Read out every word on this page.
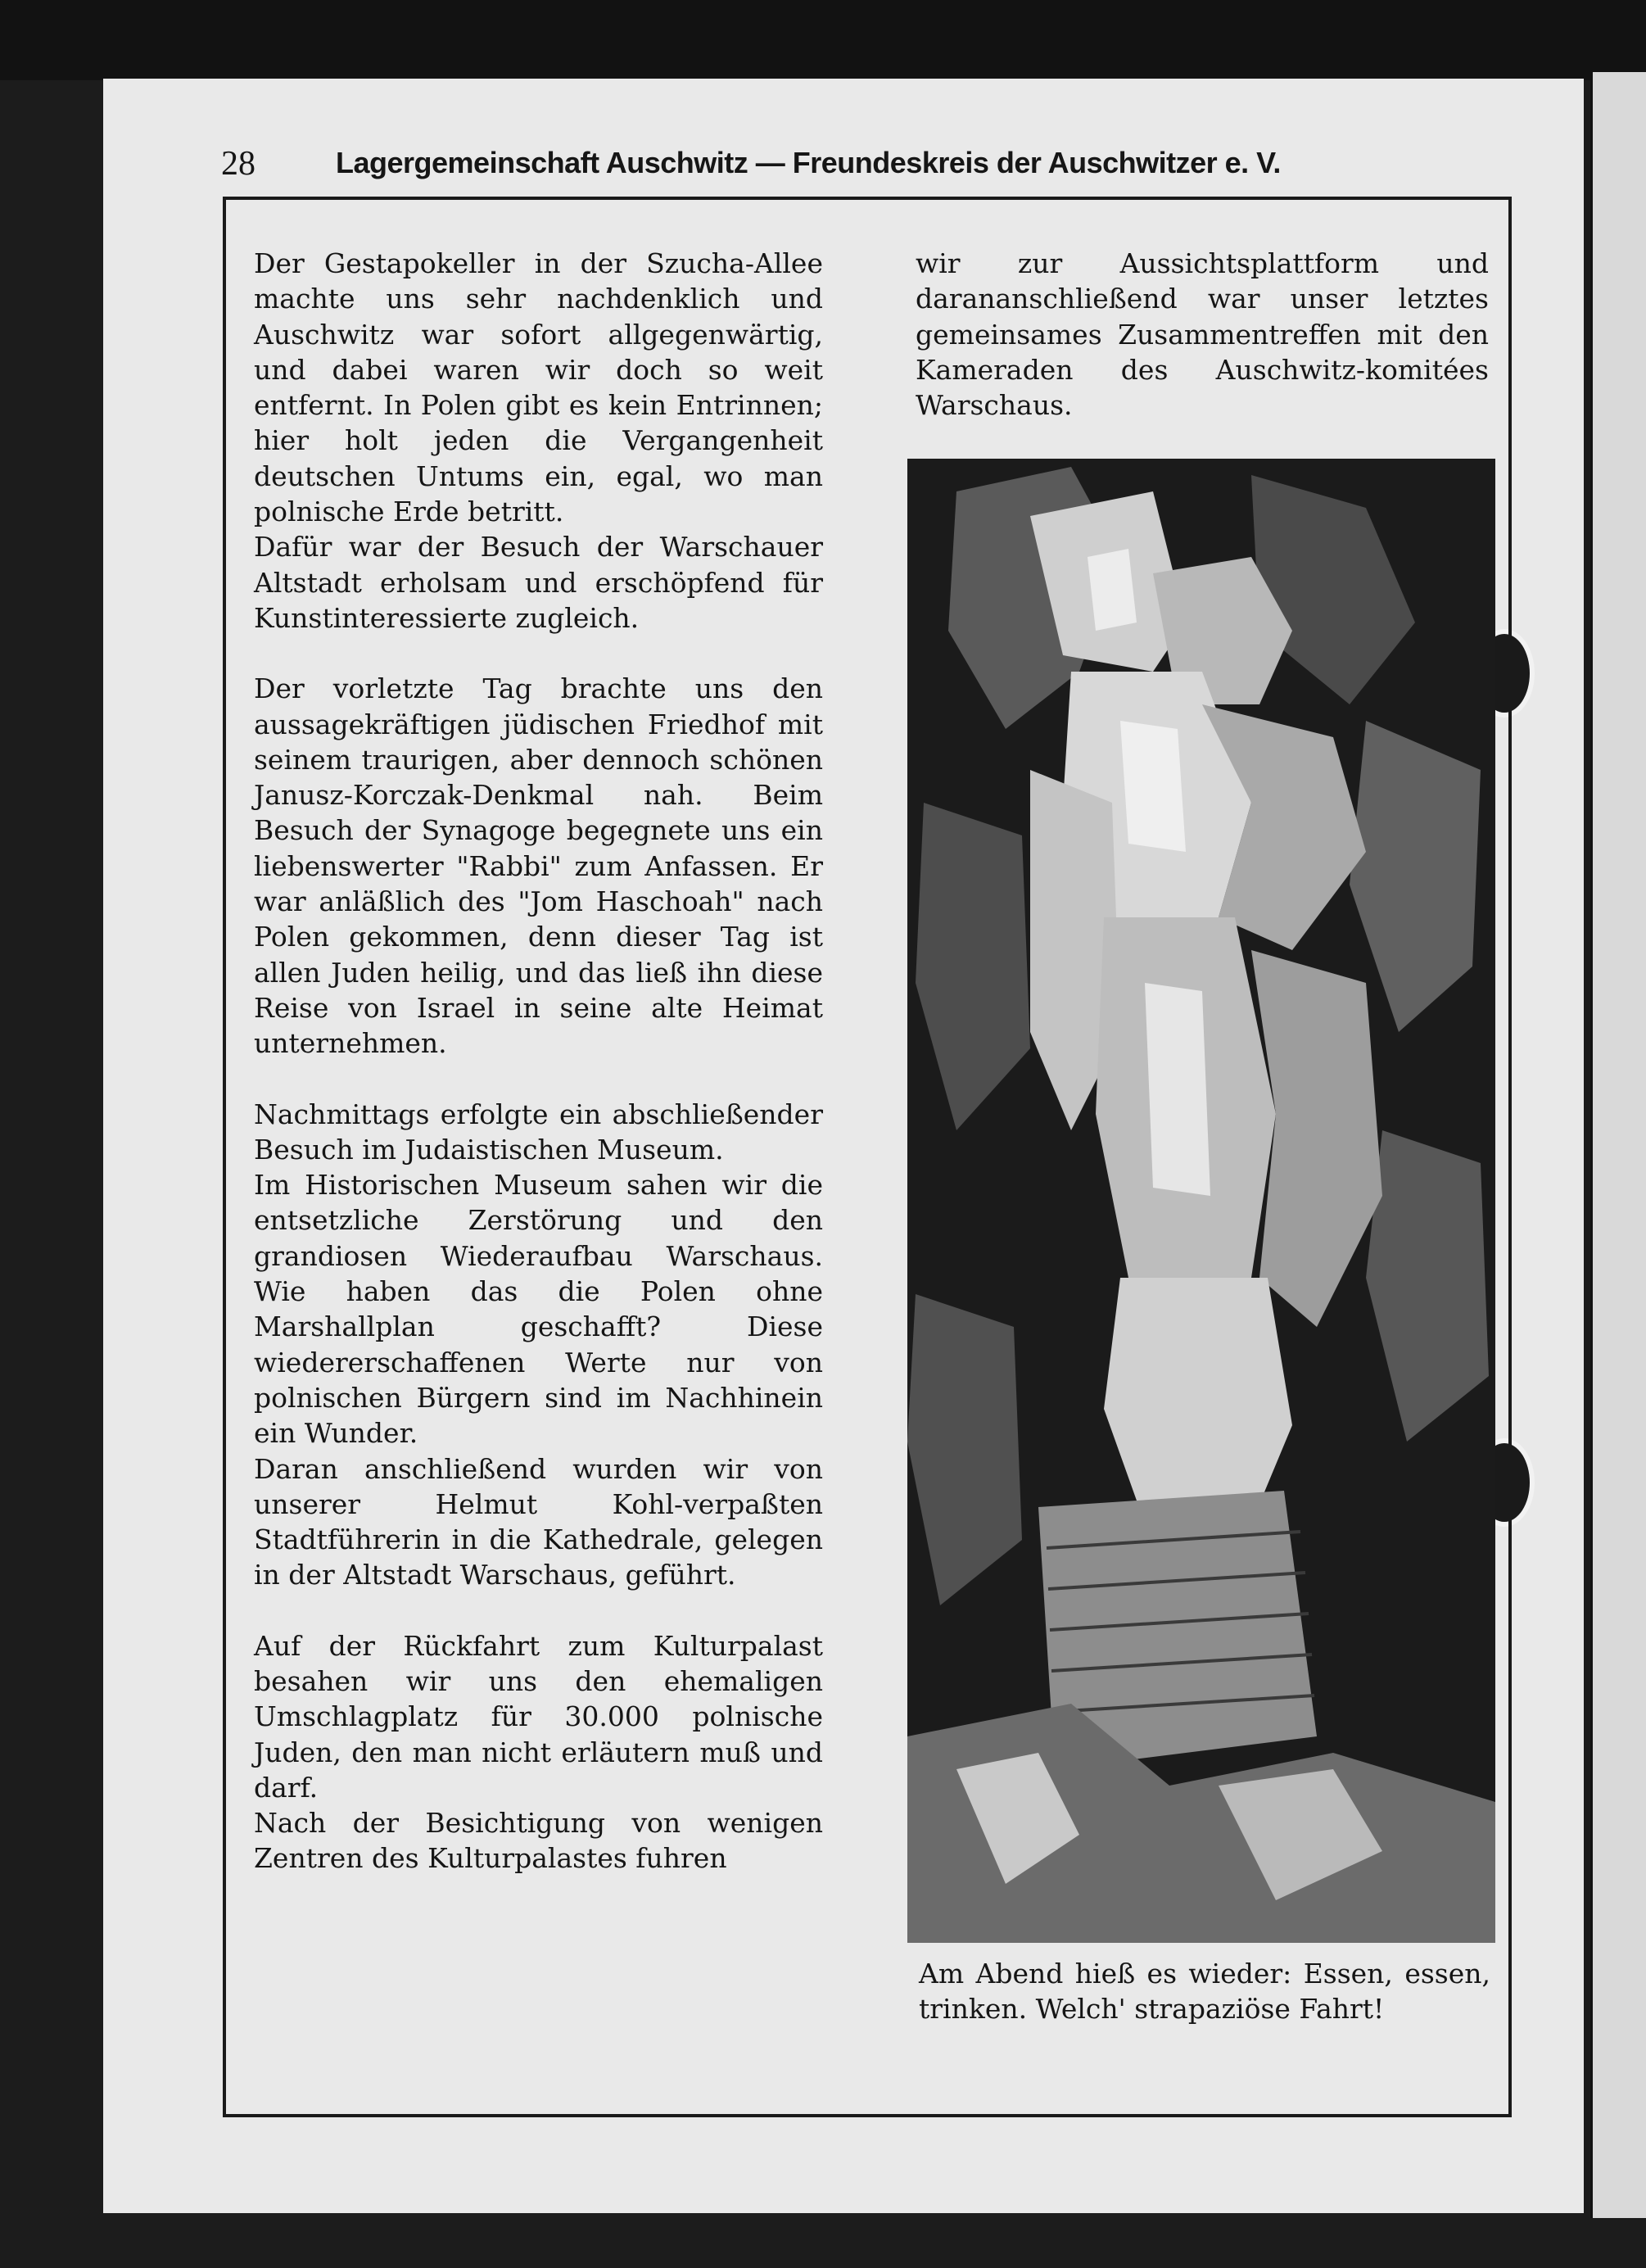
28	Lagergemeinschaft Auschwitz — Freundeskreis der Auschwitzer e. V.

Der Gestapokeller in der Szucha-Allee machte uns sehr nachdenklich und Auschwitz war sofort allgegenwärtig, und dabei waren wir doch so weit entfernt. In Polen gibt es kein Entrinnen; hier holt jeden die Vergangenheit deutschen Untums ein, egal, wo man polnische Erde betritt.

Dafür war der Besuch der Warschauer Altstadt erholsam und erschöpfend für Kunstinteressierte zugleich.

Der vorletzte Tag brachte uns den aussagekräftigen jüdischen Friedhof mit seinem traurigen, aber dennoch schönen Janusz-Korczak-Denkmal nah. Beim Besuch der Synagoge begegnete uns ein liebenswerter "Rabbi" zum Anfassen. Er war anläßlich des "Jom Haschoah" nach Polen gekommen, denn dieser Tag ist allen Juden heilig, und das ließ ihn diese Reise von Israel in seine alte Heimat unternehmen.

Nachmittags erfolgte ein abschließender Besuch im Judaistischen Museum.

Im Historischen Museum sahen wir die entsetzliche Zerstörung und den grandiosen Wiederaufbau Warschaus. Wie haben das die Polen ohne Marshallplan geschafft? Diese wiedererschaffenen Werte nur von polnischen Bürgern sind im Nachhinein ein Wunder.

Daran anschließend wurden wir von unserer Helmut Kohl-verpaßten Stadtführerin in die Kathedrale, gelegen in der Altstadt Warschaus, geführt.

Auf der Rückfahrt zum Kulturpalast besahen wir uns den ehemaligen Umschlagplatz für 30.000 polnische Juden, den man nicht erläutern muß und darf.

Nach der Besichtigung von wenigen Zentren des Kulturpalastes fuhren

wir zur Aussichtsplattform und darananschließend war unser letztes gemeinsames Zusammentreffen mit den Kameraden des Auschwitz-komitées Warschaus.

Am Abend hieß es wieder: Essen, essen, trinken. Welch' strapaziöse Fahrt!
